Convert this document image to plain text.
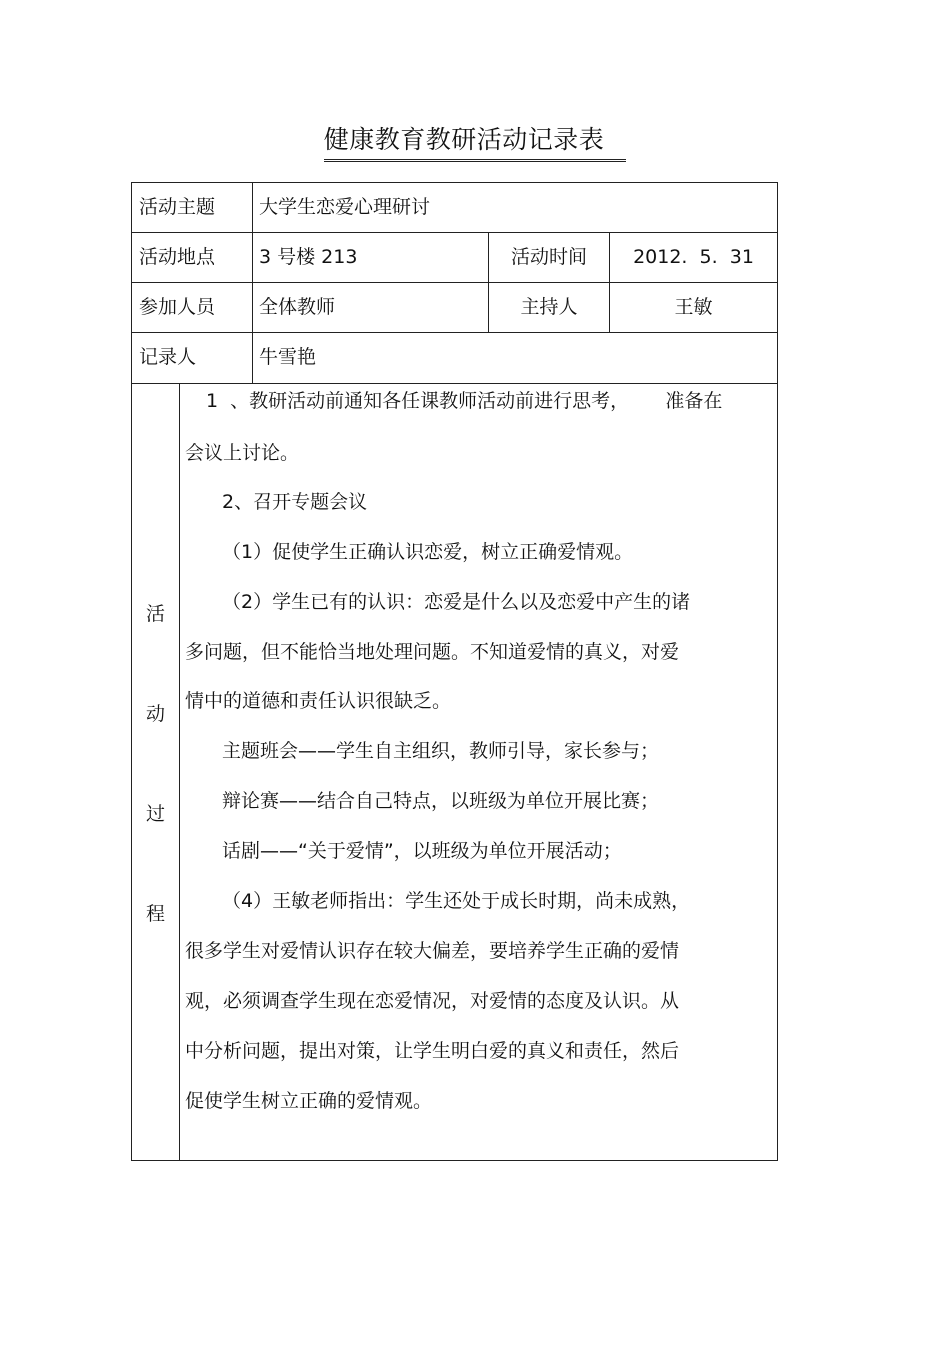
健康教育教研活动记录表
活动主题 大学生恋爱心理研讨
活动地点 3 号楼 213	活动时间	2012.  5.  31
参加人员 全体教师	主持人	王敏
记录人	牛雪艳
活
动
过
程
1  、教研活动前通知各任课教师活动前进行思考，      准备在
会议上讨论。
2、召开专题会议
（1）促使学生正确认识恋爱，树立正确爱情观。
（2）学生已有的认识：恋爱是什么以及恋爱中产生的诸
多问题，但不能恰当地处理问题。不知道爱情的真义，对爱
情中的道德和责任认识很缺乏。
主题班会——学生自主组织，教师引导，家长参与；
辩论赛——结合自己特点，以班级为单位开展比赛；
话剧——“关于爱情”，以班级为单位开展活动；
（4）王敏老师指出：学生还处于成长时期，尚未成熟，
很多学生对爱情认识存在较大偏差，要培养学生正确的爱情
观，必须调查学生现在恋爱情况，对爱情的态度及认识。从
中分析问题，提出对策，让学生明白爱的真义和责任，然后
促使学生树立正确的爱情观。
